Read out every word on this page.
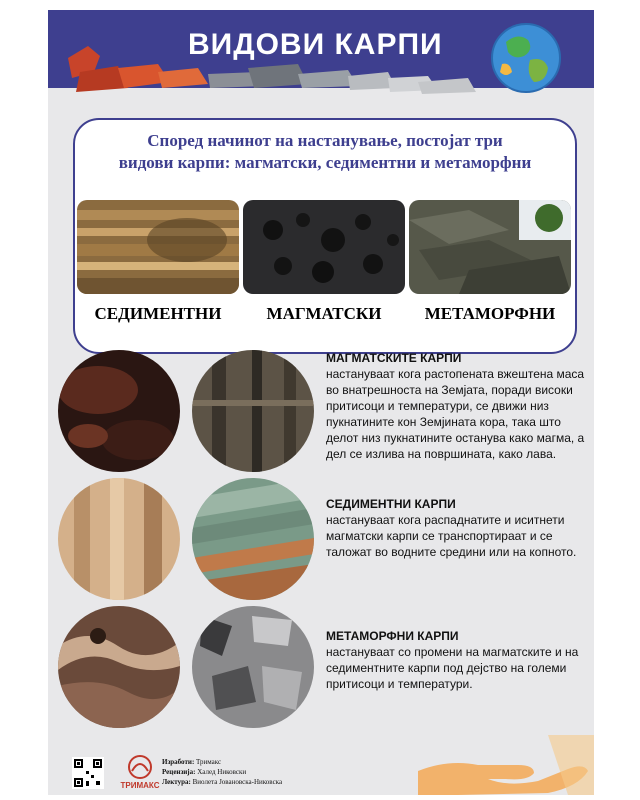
ВИДОВИ КАРПИ
Според начинот на настанување, постојат три
видови карпи: магматски, седиментни и метаморфни
СЕДИМЕНТНИ	МАГМАТСКИ	МЕТАМОРФНИ
МАГМАТСКИТЕ КАРПИ
настануваат кога растопената вжештена маса во внатрешноста на Земјата, поради високи притисоци и температури, се движи низ пукнатините кон Земјината кора, така што делот низ пукнатините останува како магма, а дел се излива на површината, како лава.
СЕДИМЕНТНИ КАРПИ
настануваат кога распаднатите и иситнети магматски карпи се транспортираат и се таложат во водните средини или на копното.
МЕТАМОРФНИ КАРПИ
настануваат со промени на магматските и на седиментните карпи под дејство на големи притисоци и температури.
ТРИМАКС
Изработи: Тримакс
Рецензија: Халед Никовски
Лектура: Виолета Јовановска-Никовска
